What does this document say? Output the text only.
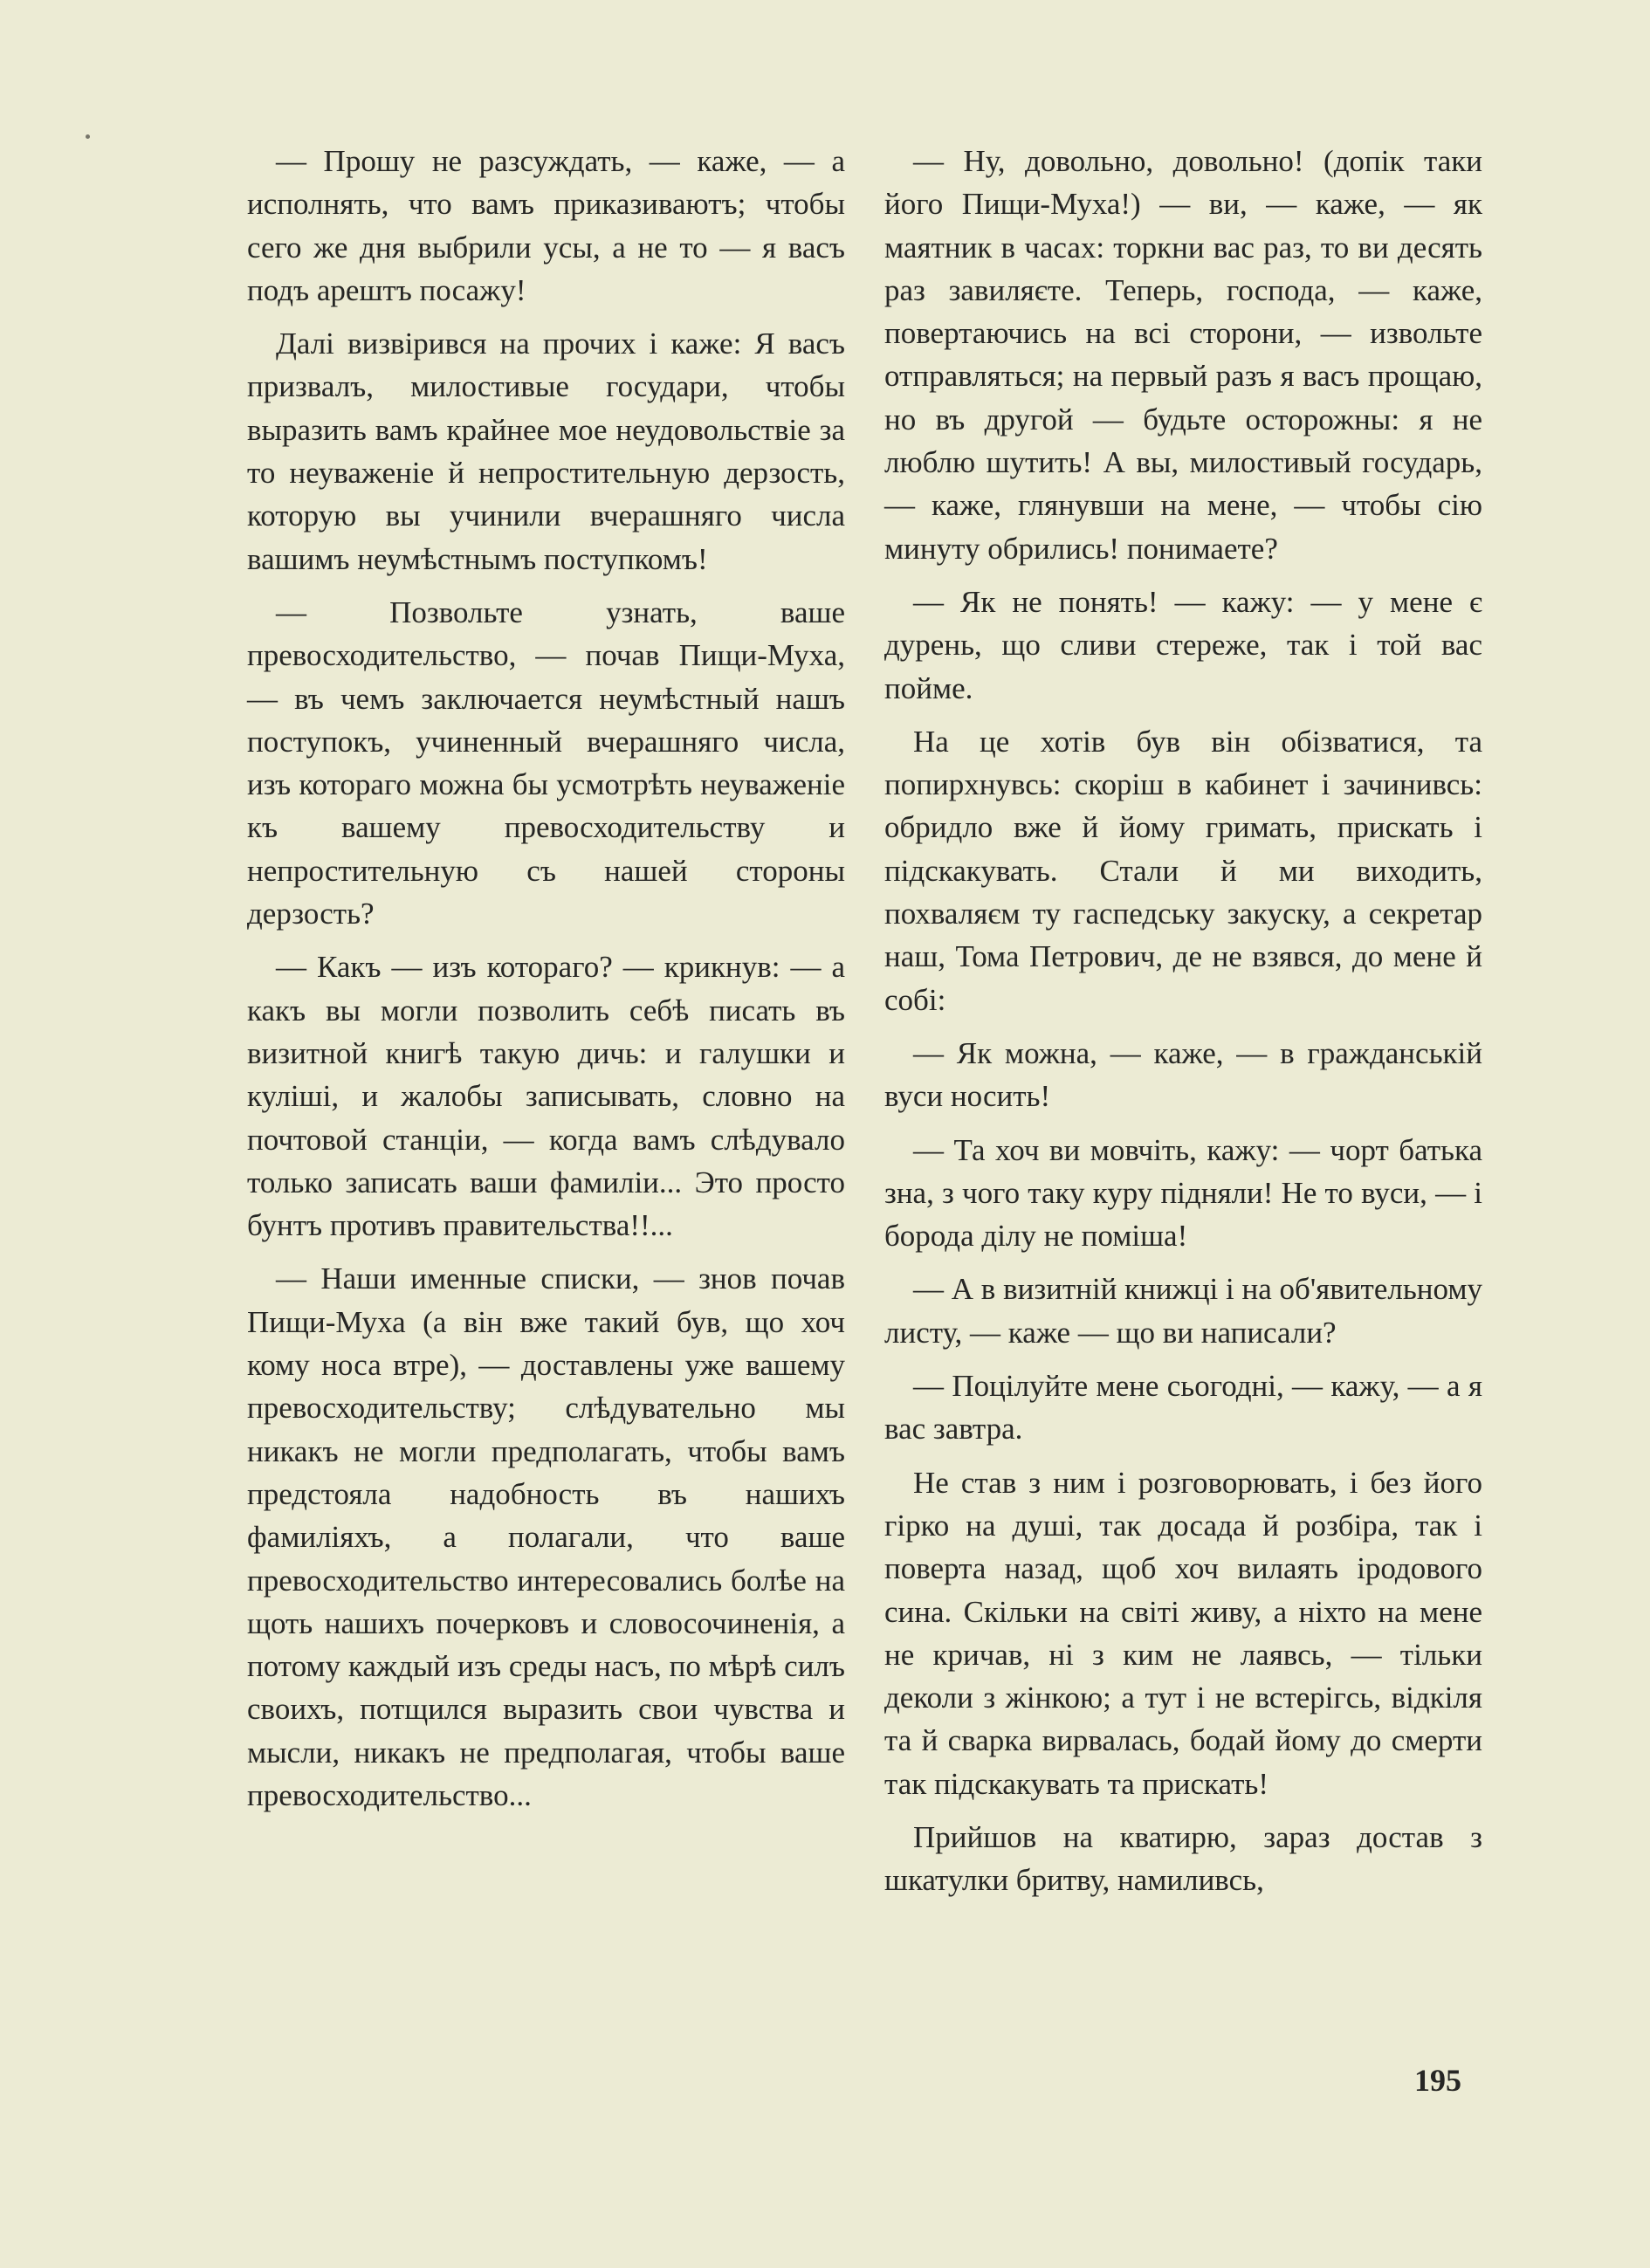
— Прошу не разсуждать, — каже, — а исполнять, что вамъ приказиваютъ; чтобы сего же дня выбрили усы, а не то — я васъ подъ арештъ посажу!

Далі визвірився на прочих і каже: Я васъ призвалъ, милостивые государи, чтобы выразить вамъ крайнее мое неудовольствіе за то неуваженіе й непростительную дерзость, которую вы учинили вчерашняго числа вашимъ неумѣстнымъ поступкомъ!

— Позвольте узнать, ваше превосходительство, — почав Пищи-Муха, — въ чемъ заключается неумѣстный нашъ поступокъ, учиненный вчерашняго числа, изъ котораго можна бы усмотрѣть неуваженіе къ вашему превосходительству и непростительную съ нашей стороны дерзость?

— Какъ — изъ котораго? — крикнув: — а какъ вы могли позволить себѣ писать въ визитной книгѣ такую дичь: и галушки и куліші, и жалобы записывать, словно на почтовой станціи, — когда вамъ слѣдувало только записать ваши фамиліи... Это просто бунтъ противъ правительства!!...

— Наши именные списки, — знов почав Пищи-Муха (а він вже такий був, що хоч кому носа втре), — доставлены уже вашему превосходительству; слѣдувательно мы никакъ не могли предполагать, чтобы вамъ предстояла надобность въ нашихъ фамиліяхъ, а полагали, что ваше превосходительство интересовались болѣе на щоть нашихъ почерковъ и словосочиненія, а потому каждый изъ среды насъ, по мѣрѣ силъ своихъ, потщился выразить свои чувства и мысли, никакъ не предполагая, чтобы ваше превосходительство...

— Ну, довольно, довольно! (допік таки його Пищи-Муха!) — ви, — каже, — як маятник в часах: торкни вас раз, то ви десять раз завиляєте. Теперь, господа, — каже, повертаючись на всі сторони, — извольте отправляться; на первый разъ я васъ прощаю, но въ другой — будьте осторожны: я не люблю шутить! А вы, милостивый государь, — каже, глянувши на мене, — чтобы сію минуту обрились! понимаете?

— Як не понять! — кажу: — у мене є дурень, що сливи стереже, так і той вас пойме.

На це хотів був він обізватися, та попирхнувсь: скоріш в кабинет і зачинивсь: обридло вже й йому гримать, прискать і підскакувать. Стали й ми виходить, похваляєм ту гаспедську закуску, а секретар наш, Тома Петрович, де не взявся, до мене й собі:

— Як можна, — каже, — в гражданській вуси носить!

— Та хоч ви мовчіть, кажу: — чорт батька зна, з чого таку куру підняли! Не то вуси, — і борода ділу не поміша!

— А в визитній книжці і на об'явительному листу, — каже — що ви написали?

— Поцілуйте мене сьогодні, — кажу, — а я вас завтра.

Не став з ним і розговорювать, і без його гірко на душі, так досада й розбіра, так і поверта назад, щоб хоч вилаять іродового сина. Скільки на світі живу, а ніхто на мене не кричав, ні з ким не лаявсь, — тільки деколи з жінкою; а тут і не встерігсь, відкіля та й сварка вирвалась, бодай йому до смерти так підскакувать та прискать!

Прийшов на кватирю, зараз достав з шкатулки бритву, намиливсь,

195
